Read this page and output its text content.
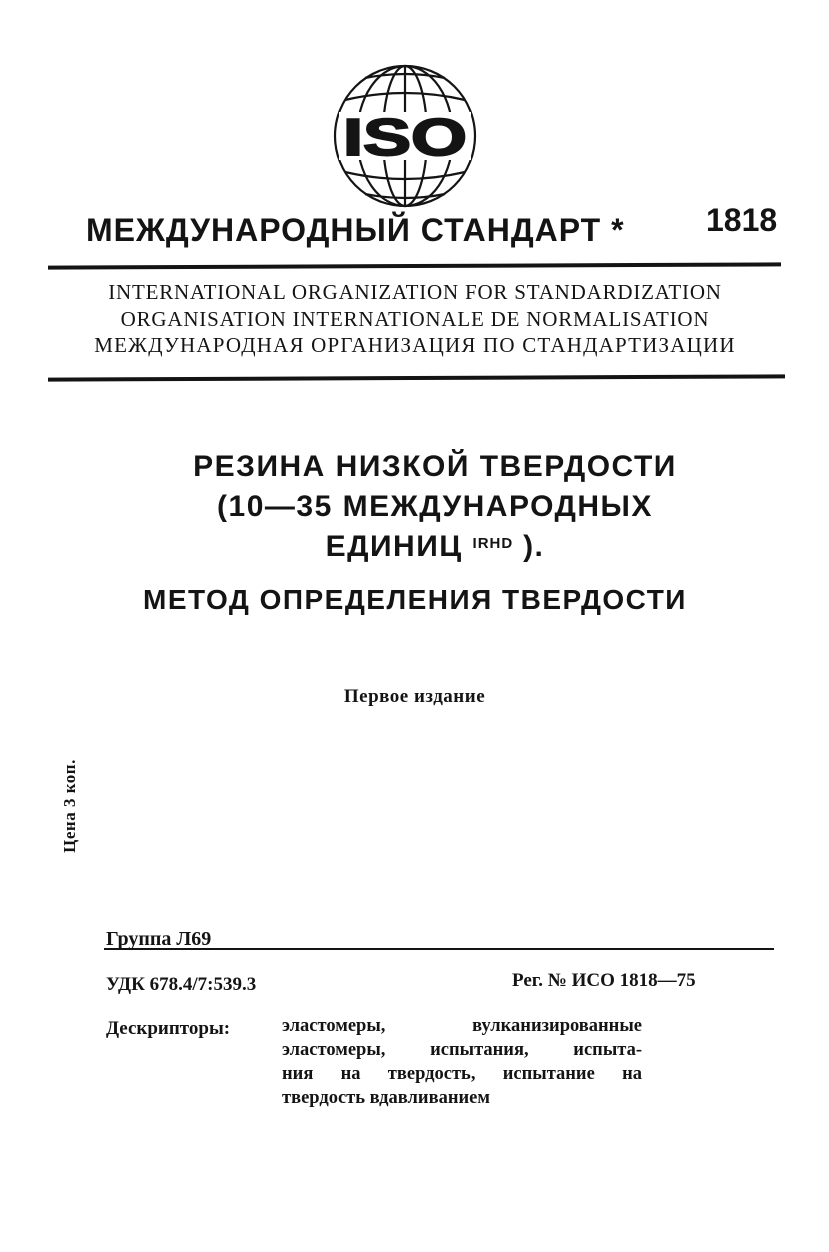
ISO
МЕЖДУНАРОДНЫЙ СТАНДАРТ *	1818
INTERNATIONAL ORGANIZATION FOR STANDARDIZATION
ORGANISATION INTERNATIONALE DE NORMALISATION
МЕЖДУНАРОДНАЯ ОРГАНИЗАЦИЯ ПО СТАНДАРТИЗАЦИИ
РЕЗИНА НИЗКОЙ ТВЕРДОСТИ
(10—35 МЕЖДУНАРОДНЫХ
ЕДИНИЦ $^{IRHD}$ ).
МЕТОД ОПРЕДЕЛЕНИЯ ТВЕРДОСТИ
Первое издание
Цена 3 коп.
Группа Л69
УДК 678.4/7:539.3	Рег. № ИСО 1818—75
Дескрипторы:	эластомеры, вулканизированные
эластомеры, испытания, испыта-
ния на твердость, испытание на
твердость вдавливанием
